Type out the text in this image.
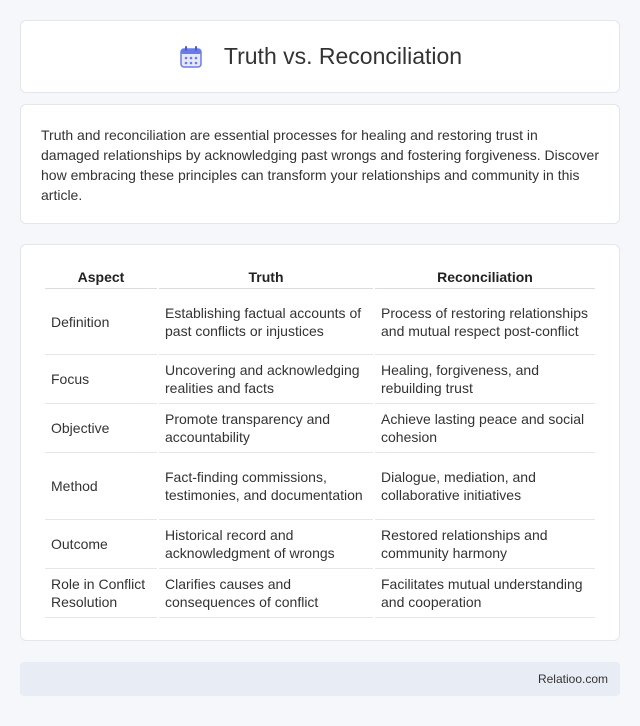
Truth vs. Reconciliation

Truth and reconciliation are essential processes for healing and restoring trust in damaged relationships by acknowledging past wrongs and fostering forgiveness. Discover how embracing these principles can transform your relationships and community in this article.

Aspect	Truth	Reconciliation
Definition	Establishing factual accounts of past conflicts or injustices	Process of restoring relationships and mutual respect post-conflict
Focus	Uncovering and acknowledging realities and facts	Healing, forgiveness, and rebuilding trust
Objective	Promote transparency and accountability	Achieve lasting peace and social cohesion
Method	Fact-finding commissions, testimonies, and documentation	Dialogue, mediation, and collaborative initiatives
Outcome	Historical record and acknowledgment of wrongs	Restored relationships and community harmony
Role in Conflict Resolution	Clarifies causes and consequences of conflict	Facilitates mutual understanding and cooperation
Relatioo.com
